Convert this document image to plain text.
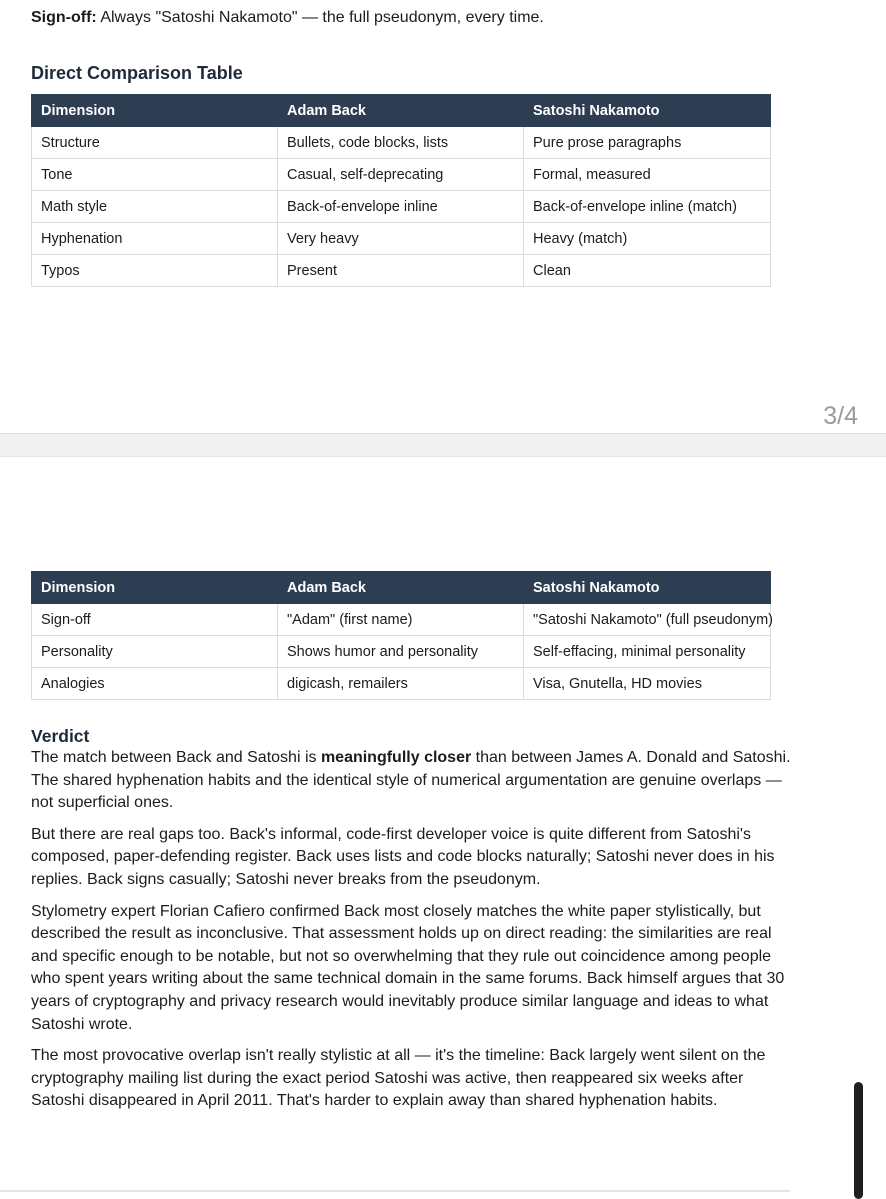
Sign-off: Always "Satoshi Nakamoto" — the full pseudonym, every time.
Direct Comparison Table
Dimension	Adam Back	Satoshi Nakamoto
Structure	Bullets, code blocks, lists	Pure prose paragraphs
Tone	Casual, self-deprecating	Formal, measured
Math style	Back-of-envelope inline	Back-of-envelope inline (match)
Hyphenation	Very heavy	Heavy (match)
Typos	Present	Clean
3/4
Dimension	Adam Back	Satoshi Nakamoto
Sign-off	"Adam" (first name)	"Satoshi Nakamoto" (full pseudonym)
Personality	Shows humor and personality	Self-effacing, minimal personality
Analogies	digicash, remailers	Visa, Gnutella, HD movies
Verdict

The match between Back and Satoshi is meaningfully closer than between James A. Donald and Satoshi. The shared hyphenation habits and the identical style of numerical argumentation are genuine overlaps — not superficial ones.

But there are real gaps too. Back's informal, code-first developer voice is quite different from Satoshi's composed, paper-defending register. Back uses lists and code blocks naturally; Satoshi never does in his replies. Back signs casually; Satoshi never breaks from the pseudonym.

Stylometry expert Florian Cafiero confirmed Back most closely matches the white paper stylistically, but described the result as inconclusive. That assessment holds up on direct reading: the similarities are real and specific enough to be notable, but not so overwhelming that they rule out coincidence among people who spent years writing about the same technical domain in the same forums. Back himself argues that 30 years of cryptography and privacy research would inevitably produce similar language and ideas to what Satoshi wrote.

The most provocative overlap isn't really stylistic at all — it's the timeline: Back largely went silent on the cryptography mailing list during the exact period Satoshi was active, then reappeared six weeks after Satoshi disappeared in April 2011. That's harder to explain away than shared hyphenation habits.
